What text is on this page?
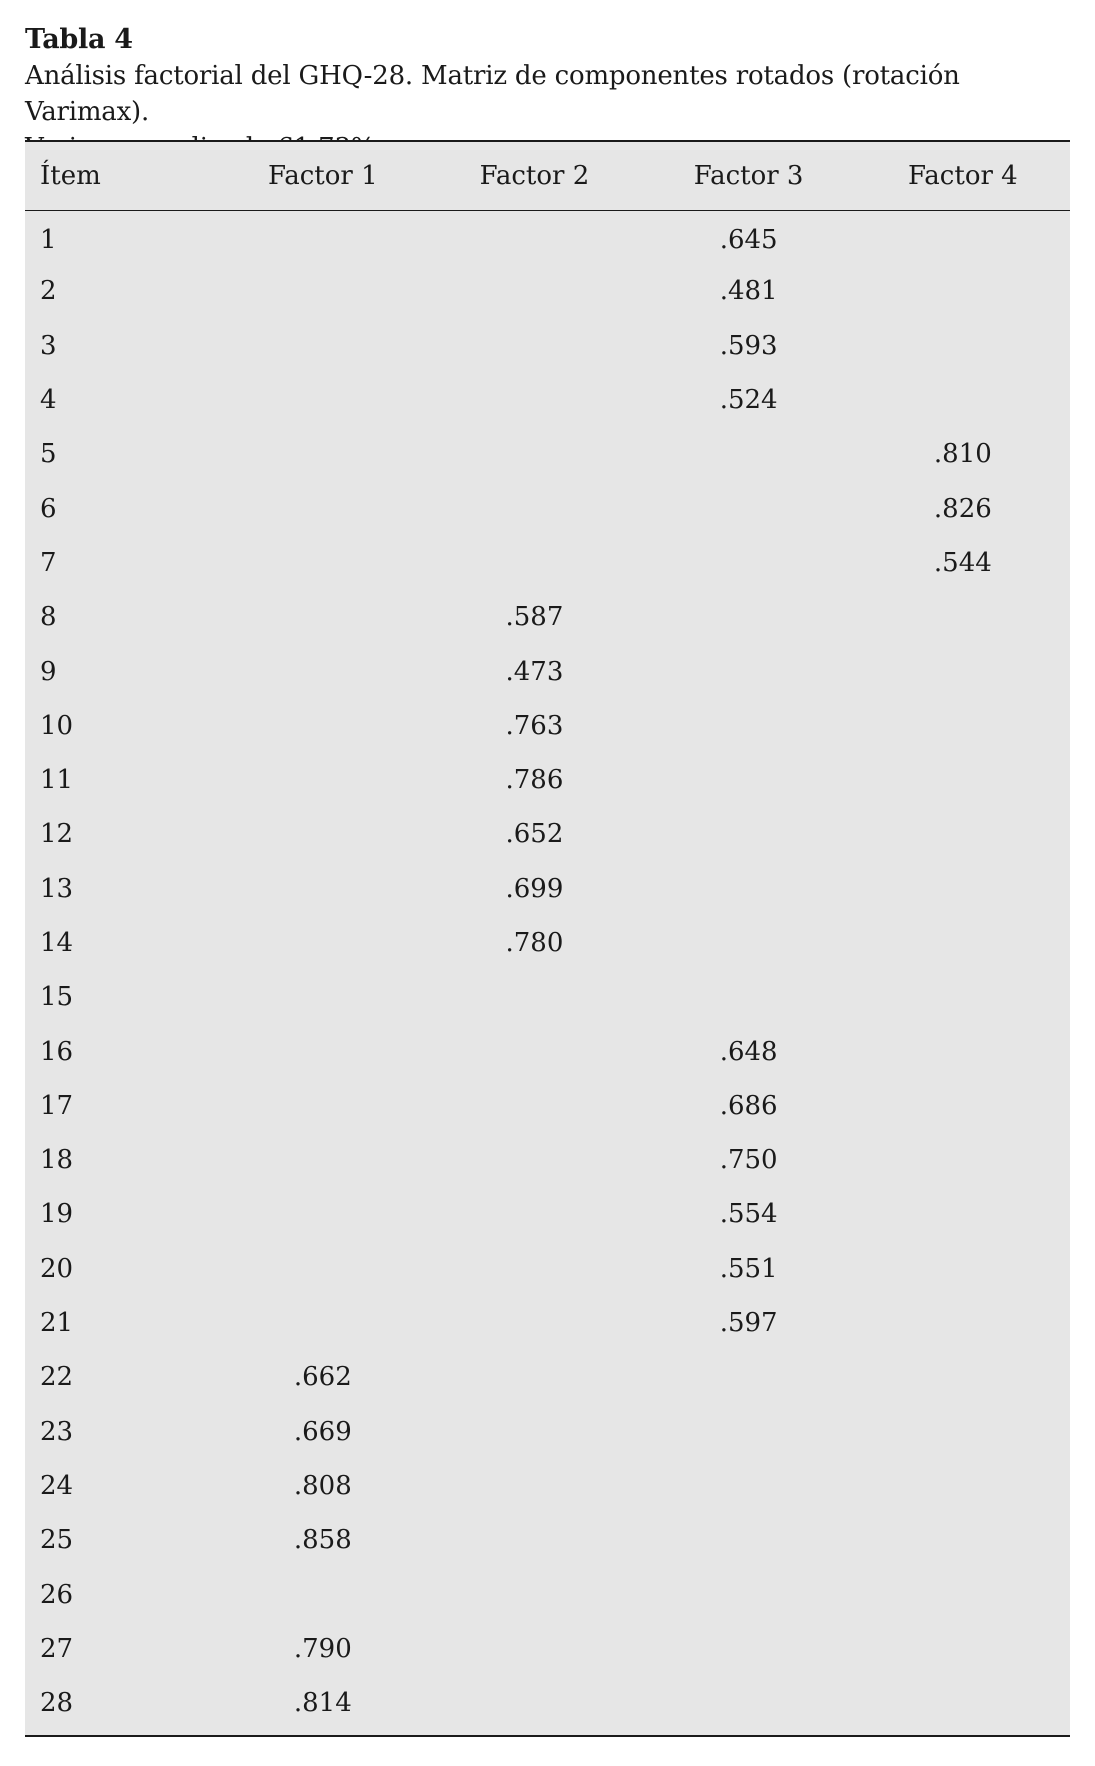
Tabla 4
Análisis factorial del GHQ-28. Matriz de componentes rotados (rotación Varimax).
Ítem	Factor 1	Factor 2	Factor 3	Factor 4
1			.645	
2			.481	
3			.593	
4			.524	
5				.810
6				.826
7				.544
8		.587		
9		.473		
10		.763		
11		.786		
12		.652		
13		.699		
14		.780		
15				
16			.648	
17			.686	
18			.750	
19			.554	
20			.551	
21			.597	
22	.662			
23	.669			
24	.808			
25	.858			
26				
27	.790			
28	.814			
